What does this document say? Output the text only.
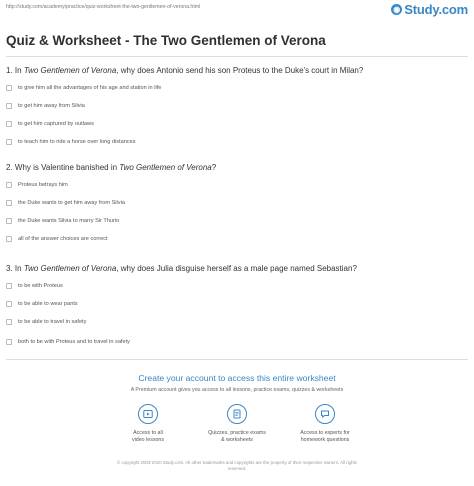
http://study.com/academy/practice/quiz-worksheet-the-two-gentlemen-of-verona.html	◉ Study.com
Quiz & Worksheet - The Two Gentlemen of Verona
1. In Two Gentlemen of Verona, why does Antonio send his son Proteus to the Duke's court in Milan?
to give him all the advantages of his age and station in life
to get him away from Silvia
to get him captured by outlaws
to teach him to ride a horse over long distances
2. Why is Valentine banished in Two Gentlemen of Verona?
Proteus betrays him
the Duke wants to get him away from Silvia
the Duke wants Silvia to marry Sir Thurio
all of the answer choices are correct
3. In Two Gentlemen of Verona, why does Julia disguise herself as a male page named Sebastian?
to be with Proteus
to be able to wear pants
to be able to travel in safety
both to be with Proteus and to travel in safety
Create your account to access this entire worksheet
A Premium account gives you access to all lessons, practice exams, quizzes & worksheets
Access to all
video lessons
Quizzes, practice exams
& worksheets
Access to experts for
homework questions
© copyright 2003-2020 Study.com. All other trademarks and copyrights are the property of their respective owners. All rights
reserved.
